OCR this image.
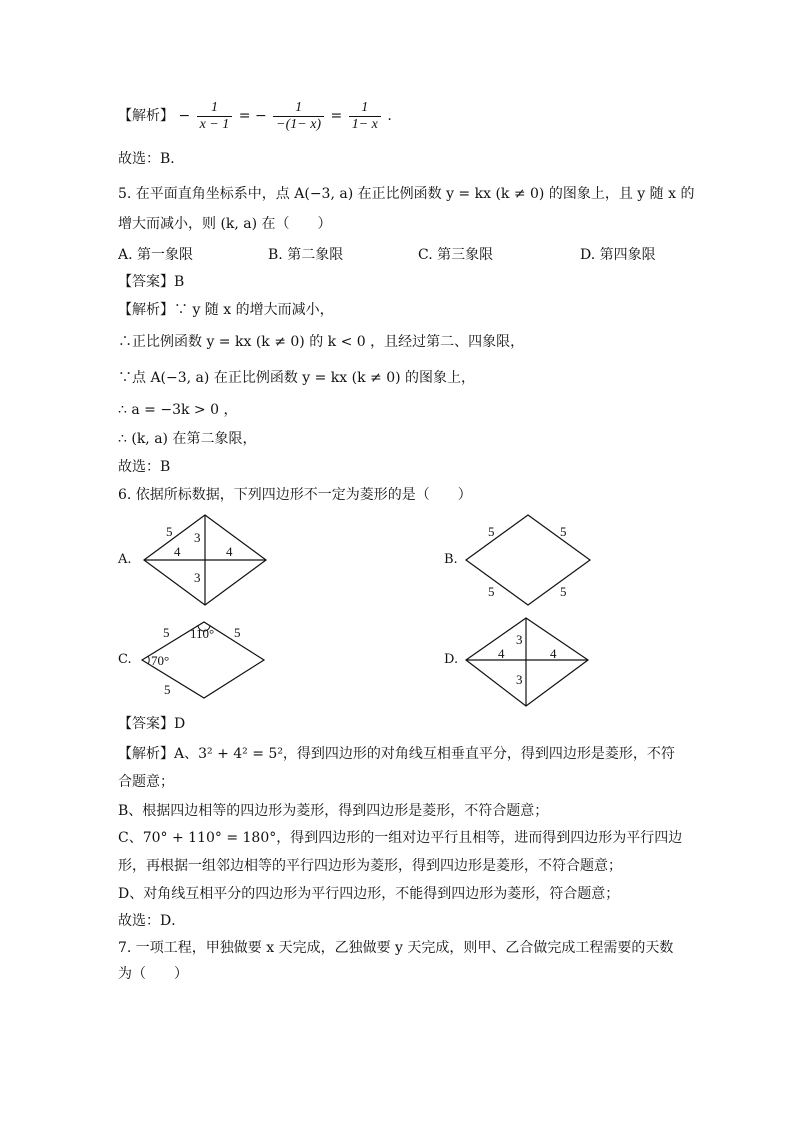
【解析】 − $\frac{1}{x - 1}$ = − $\frac{1}{-(1- x)} = \frac{1}{1- x}$ .
故选：B．
5. 在平面直角坐标系中，点 A(−3, a) 在正比例函数 y = kx (k ≠ 0) 的图象上，且 y 随 x 的
增大而减小，则 (k, a) 在（　　）
A. 第一象限	B. 第二象限	C. 第三象限	D. 第四象限
【答案】B
【解析】∵ y 随 x 的增大而减小，
∴正比例函数 y = kx (k ≠ 0) 的 k < 0 ，且经过第二、四象限，
∵点 A(−3, a) 在正比例函数 y = kx (k ≠ 0) 的图象上，
∴ a = −3k > 0 ，
∴ (k, a) 在第二象限，
故选：B
6. 依据所标数据，下列四边形不一定为菱形的是（　　）
A.	B.
C.	D.
5
4	4
3
3
5	5
5	5
5	5
5
110°
70°	4	4
3
3
【答案】D
【解析】A、3² + 4² = 5²，得到四边形的对角线互相垂直平分，得到四边形是菱形，不符
合题意；
B、根据四边相等的四边形为菱形，得到四边形是菱形，不符合题意；
C、70° + 110° = 180°，得到四边形的一组对边平行且相等，进而得到四边形为平行四边
形，再根据一组邻边相等的平行四边形为菱形，得到四边形是菱形，不符合题意；
D、对角线互相平分的四边形为平行四边形，不能得到四边形为菱形，符合题意；
故选：D．
7. 一项工程，甲独做要 x 天完成，乙独做要 y 天完成，则甲、乙合做完成工程需要的天数
为（　　）
